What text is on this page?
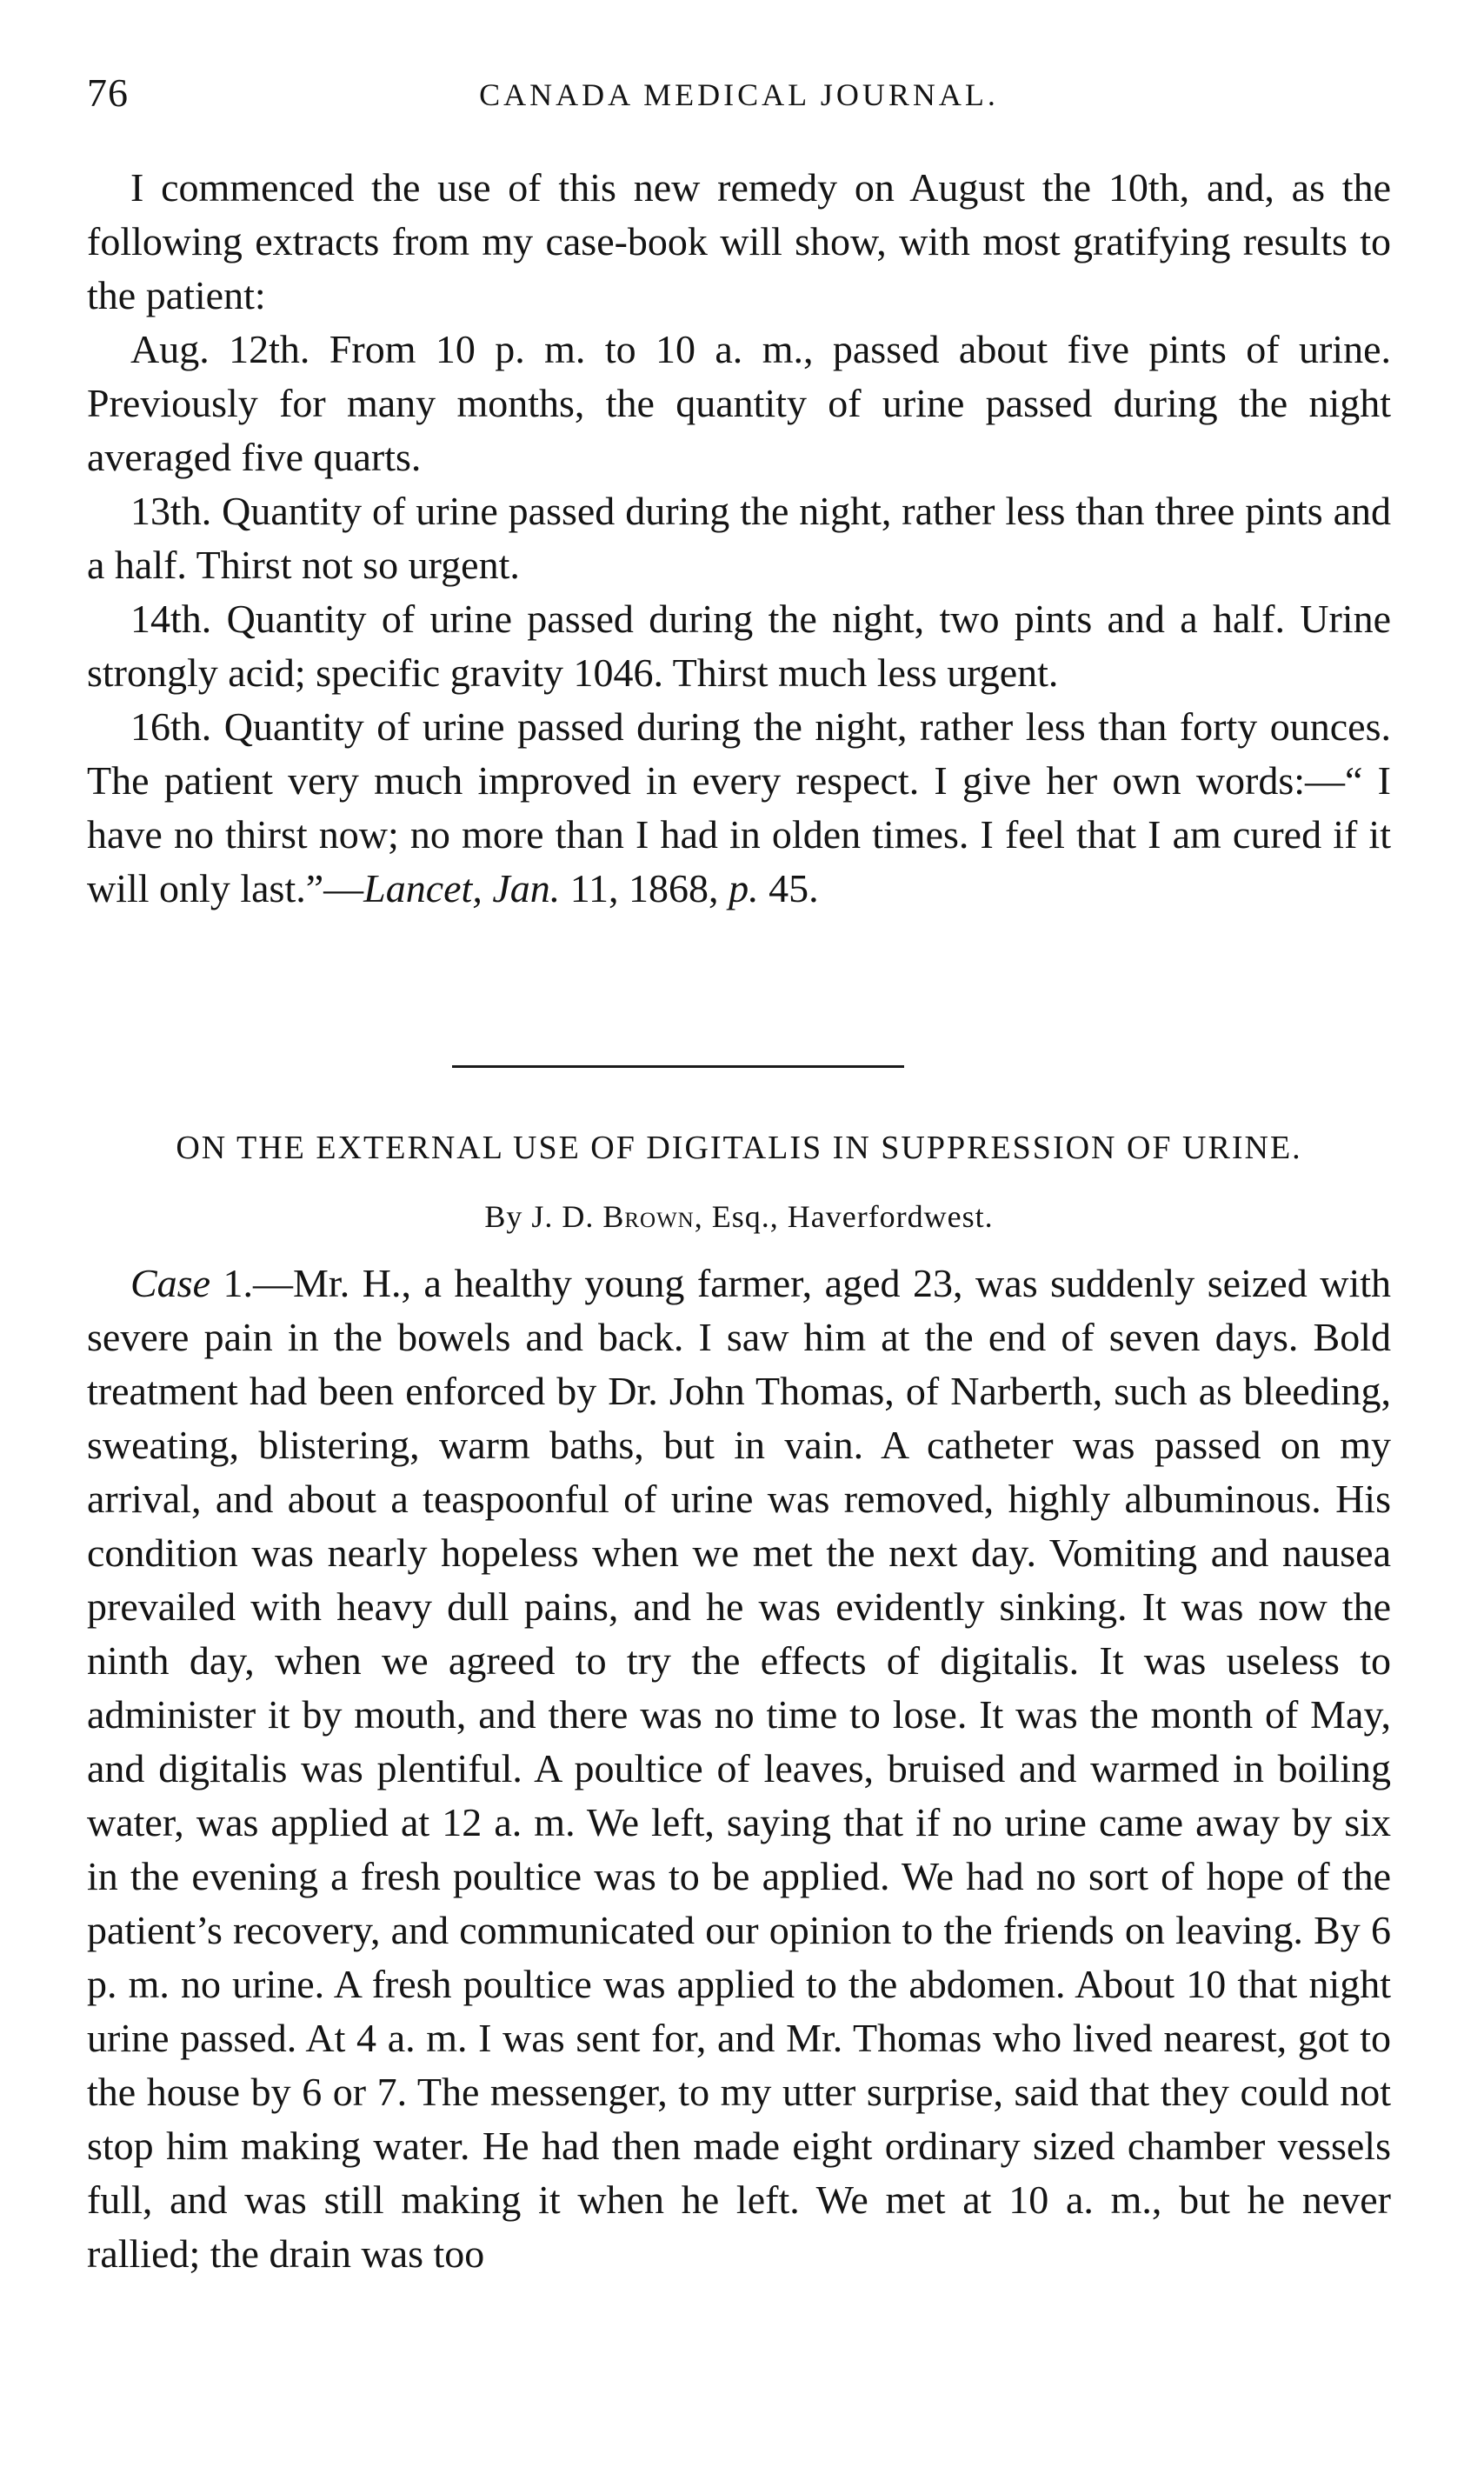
76	CANADA MEDICAL JOURNAL.

I commenced the use of this new remedy on August the 10th, and, as the following extracts from my case-book will show, with most gratifying results to the patient:

Aug. 12th. From 10 p. m. to 10 a. m., passed about five pints of urine. Previously for many months, the quantity of urine passed during the night averaged five quarts.

13th. Quantity of urine passed during the night, rather less than three pints and a half. Thirst not so urgent.

14th. Quantity of urine passed during the night, two pints and a half. Urine strongly acid; specific gravity 1046. Thirst much less urgent.

16th. Quantity of urine passed during the night, rather less than forty ounces. The patient very much improved in every respect. I give her own words:—“ I have no thirst now; no more than I had in olden times. I feel that I am cured if it will only last.”—Lancet, Jan. 11, 1868, p. 45.

ON THE EXTERNAL USE OF DIGITALIS IN SUPPRESSION OF URINE.
By J. D. Brown, Esq., Haverfordwest.

Case 1.—Mr. H., a healthy young farmer, aged 23, was suddenly seized with severe pain in the bowels and back. I saw him at the end of seven days. Bold treatment had been enforced by Dr. John Thomas, of Narberth, such as bleeding, sweating, blistering, warm baths, but in vain. A catheter was passed on my arrival, and about a teaspoonful of urine was removed, highly albuminous. His condition was nearly hopeless when we met the next day. Vomiting and nausea prevailed with heavy dull pains, and he was evidently sinking. It was now the ninth day, when we agreed to try the effects of digitalis. It was useless to administer it by mouth, and there was no time to lose. It was the month of May, and digitalis was plentiful. A poultice of leaves, bruised and warmed in boiling water, was applied at 12 a. m. We left, saying that if no urine came away by six in the evening a fresh poultice was to be applied. We had no sort of hope of the patient’s recovery, and communicated our opinion to the friends on leaving. By 6 p. m. no urine. A fresh poultice was applied to the abdomen. About 10 that night urine passed. At 4 a. m. I was sent for, and Mr. Thomas who lived nearest, got to the house by 6 or 7. The messenger, to my utter surprise, said that they could not stop him making water. He had then made eight ordinary sized chamber vessels full, and was still making it when he left. We met at 10 a. m., but he never rallied; the drain was too
